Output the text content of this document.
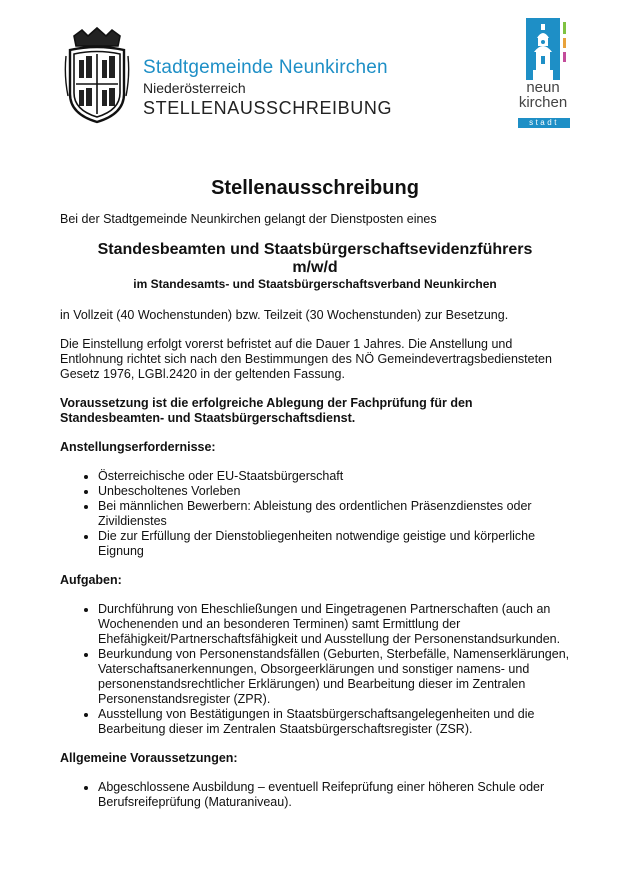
Stadtgemeinde Neunkirchen
Niederösterreich
STELLENAUSSCHREIBUNG
neun
kirchen
stadt
Stellenausschreibung

Bei der Stadtgemeinde Neunkirchen gelangt der Dienstposten eines

Standesbeamten und Staatsbürgerschaftsevidenzführers
m/w/d
im Standesamts- und Staatsbürgerschaftsverband Neunkirchen

in Vollzeit (40 Wochenstunden) bzw. Teilzeit (30 Wochenstunden) zur Besetzung.

Die Einstellung erfolgt vorerst befristet auf die Dauer 1 Jahres. Die Anstellung und Entlohnung richtet sich nach den Bestimmungen des NÖ Gemeindevertragsbediensteten Gesetz 1976, LGBl.2420 in der geltenden Fassung.

Voraussetzung ist die erfolgreiche Ablegung der Fachprüfung für den Standesbeamten- und Staatsbürgerschaftsdienst.

Anstellungserfordernisse:
• Österreichische oder EU-Staatsbürgerschaft
• Unbescholtenes Vorleben
• Bei männlichen Bewerbern: Ableistung des ordentlichen Präsenzdienstes oder Zivildienstes
• Die zur Erfüllung der Dienstobliegenheiten notwendige geistige und körperliche Eignung
Aufgaben:
• Durchführung von Eheschließungen und Eingetragenen Partnerschaften (auch an Wochenenden und an besonderen Terminen) samt Ermittlung der Ehefähigkeit/Partnerschaftsfähigkeit und Ausstellung der Personenstandsurkunden.
• Beurkundung von Personenstandsfällen (Geburten, Sterbefälle, Namenserklärungen, Vaterschaftsanerkennungen, Obsorgeerklärungen und sonstiger namens- und personenstandsrechtlicher Erklärungen) und Bearbeitung dieser im Zentralen Personenstandsregister (ZPR).
• Ausstellung von Bestätigungen in Staatsbürgerschaftsangelegenheiten und die Bearbeitung dieser im Zentralen Staatsbürgerschaftsregister (ZSR).
Allgemeine Voraussetzungen:
• Abgeschlossene Ausbildung – eventuell Reifeprüfung einer höheren Schule oder Berufsreifeprüfung (Maturaniveau).
